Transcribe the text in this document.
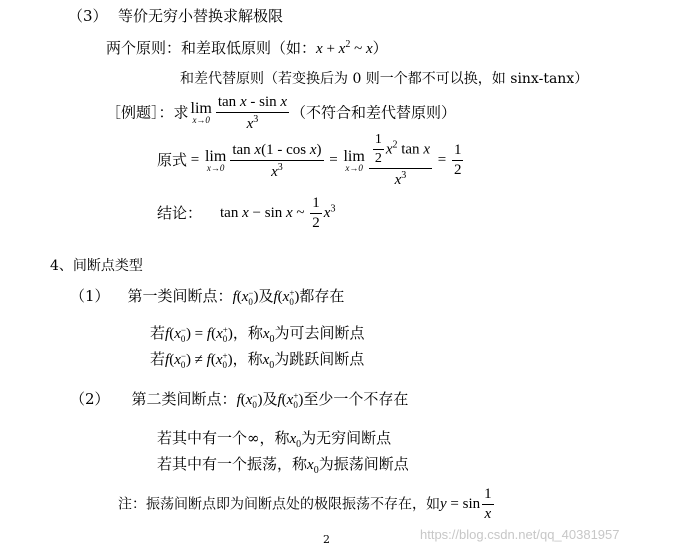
（3） 等价无穷小替换求解极限
两个原则：和差取低原则（如：$x + x^2$ ~ x）
和差代替原则（若变换后为 0 则一个都不可以换，如 sinx-tanx）
［例题］：求 lim
$x\to 0 \frac{\text{tan x - sin x}}{x^3}$ （不符合和差代替原则）
原式 = lim
$x\to 0 \frac{\text{tan x(1 - cos x)}}{x^3} = \lim$
$x\to 0 \frac{\frac{1}{2} x^2 \tan x}{x^3} = \frac{1}{2}$
结论： tan x − sin x ~ $\frac{1}{2} x^3$
4、间断点类型
（1） 第一类间断点：f(x −
0 )及f(x +
0 )都存在
若f(x −
0 ) = f(x +
0 )，称$x_0$为可去间断点
若f(x −
0 ) ≠ f(x +
0 )，称$x_0$为跳跃间断点
（2） 第二类间断点：f(x −
0 )及f(x +
0 )至少一个不存在
若其中有一个∞，称$x_0$为无穷间断点
若其中有一个振荡，称$x_0$为振荡间断点
注：振荡间断点即为间断点处的极限振荡不存在，如$y = \sin \frac{1}{x}$
2	https://blog.csdn.net/qq_40381957
